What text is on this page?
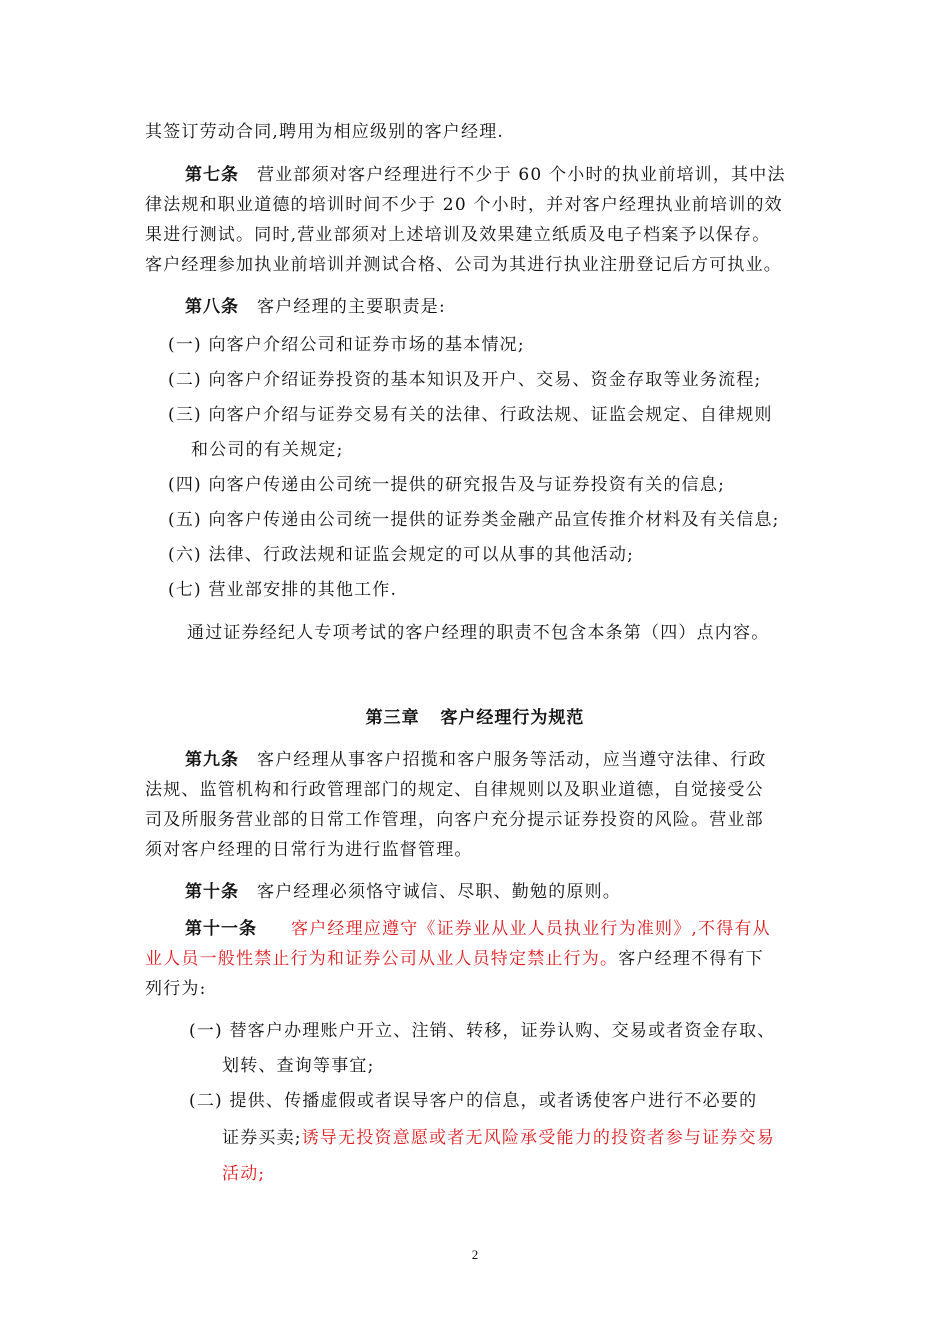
其签订劳动合同,聘用为相应级别的客户经理.
第七条 营业部须对客户经理进行不少于 60 个小时的执业前培训，其中法
律法规和职业道德的培训时间不少于 20 个小时，并对客户经理执业前培训的效
果进行测试。同时,营业部须对上述培训及效果建立纸质及电子档案予以保存。
客户经理参加执业前培训并测试合格、公司为其进行执业注册登记后方可执业。
第八条 客户经理的主要职责是:
(一) 向客户介绍公司和证券市场的基本情况;
(二) 向客户介绍证券投资的基本知识及开户、交易、资金存取等业务流程;
(三) 向客户介绍与证券交易有关的法律、行政法规、证监会规定、自律规则
和公司的有关规定;
(四) 向客户传递由公司统一提供的研究报告及与证券投资有关的信息;
(五) 向客户传递由公司统一提供的证券类金融产品宣传推介材料及有关信息;
(六) 法律、行政法规和证监会规定的可以从事的其他活动;
(七) 营业部安排的其他工作.
通过证券经纪人专项考试的客户经理的职责不包含本条第（四）点内容。
第三章   客户经理行为规范
第九条 客户经理从事客户招揽和客户服务等活动，应当遵守法律、行政
法规、监管机构和行政管理部门的规定、自律规则以及职业道德，自觉接受公
司及所服务营业部的日常工作管理，向客户充分提示证券投资的风险。营业部
须对客户经理的日常行为进行监督管理。
第十条 客户经理必须恪守诚信、尽职、勤勉的原则。
第十一条 客户经理应遵守《证券业从业人员执业行为准则》,不得有从
业人员一般性禁止行为和证券公司从业人员特定禁止行为。客户经理不得有下
列行为:
(一) 替客户办理账户开立、注销、转移，证券认购、交易或者资金存取、
划转、查询等事宜;
(二) 提供、传播虚假或者误导客户的信息，或者诱使客户进行不必要的
证券买卖;诱导无投资意愿或者无风险承受能力的投资者参与证券交易
活动;
2
